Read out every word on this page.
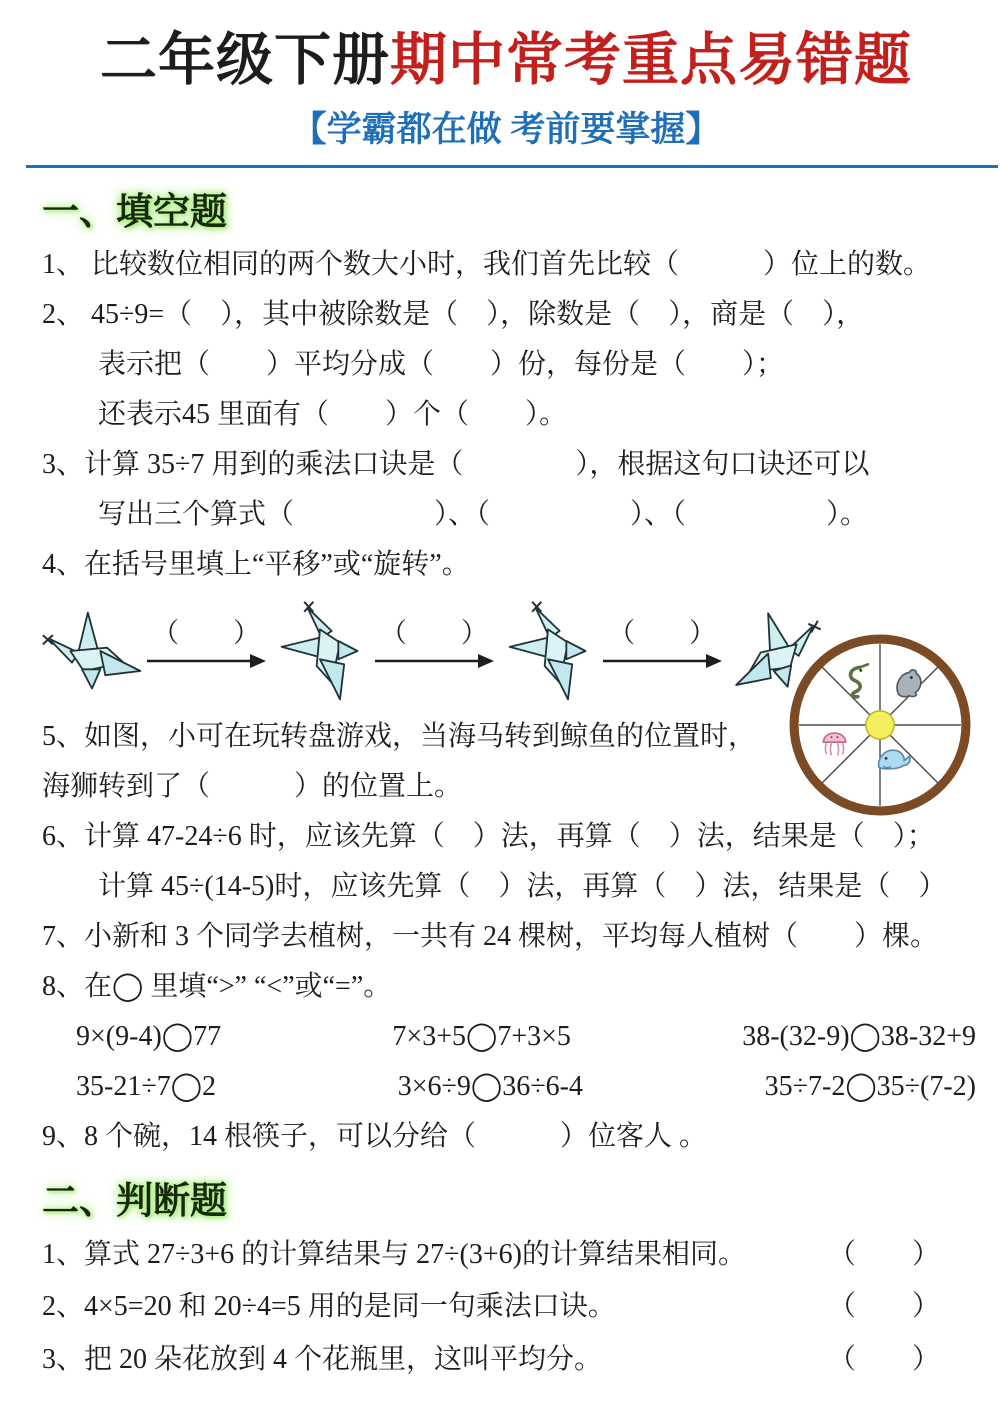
二年级下册期中常考重点易错题
【学霸都在做 考前要掌握】
一、填空题

1、 比较数位相同的两个数大小时，我们首先比较（　　　）位上的数。

2、 45÷9=（　），其中被除数是（　），除数是（　），商是（　），

表示把（　　）平均分成（　　）份，每份是（　　）；

还表示45 里面有（　　）个（　　）。

3、计算 35÷7 用到的乘法口诀是（　　　　），根据这句口诀还可以

写出三个算式（　　　　　）、（　　　　　）、（　　　　　）。

4、在括号里填上“平移”或“旋转”。

（　　）	（　　）	（　　）

5、如图，小可在玩转盘游戏，当海马转到鲸鱼的位置时，

海狮转到了（　　　）的位置上。

6、计算 47-24÷6 时，应该先算（　）法，再算（　）法，结果是（　）；

计算 45÷(14-5)时，应该先算（　）法，再算（　）法，结果是（　）

7、小新和 3 个同学去植树，一共有 24 棵树，平均每人植树（　　）棵。

8、在◯ 里填“>” “<”或“=”。

9×(9-4)◯77	7×3+5◯7+3×5	38-(32-9)◯38-32+9
35-21÷7◯2	3×6÷9◯36÷6-4	35÷7-2◯35÷(7-2)

9、8 个碗，14 根筷子，可以分给（　　　）位客人 。

二、判断题

1、算式 27÷3+6 的计算结果与 27÷(3+6)的计算结果相同。	（　　）

2、4×5=20 和 20÷4=5 用的是同一句乘法口诀。	（　　）

3、把 20 朵花放到 4 个花瓶里，这叫平均分。	（　　）
